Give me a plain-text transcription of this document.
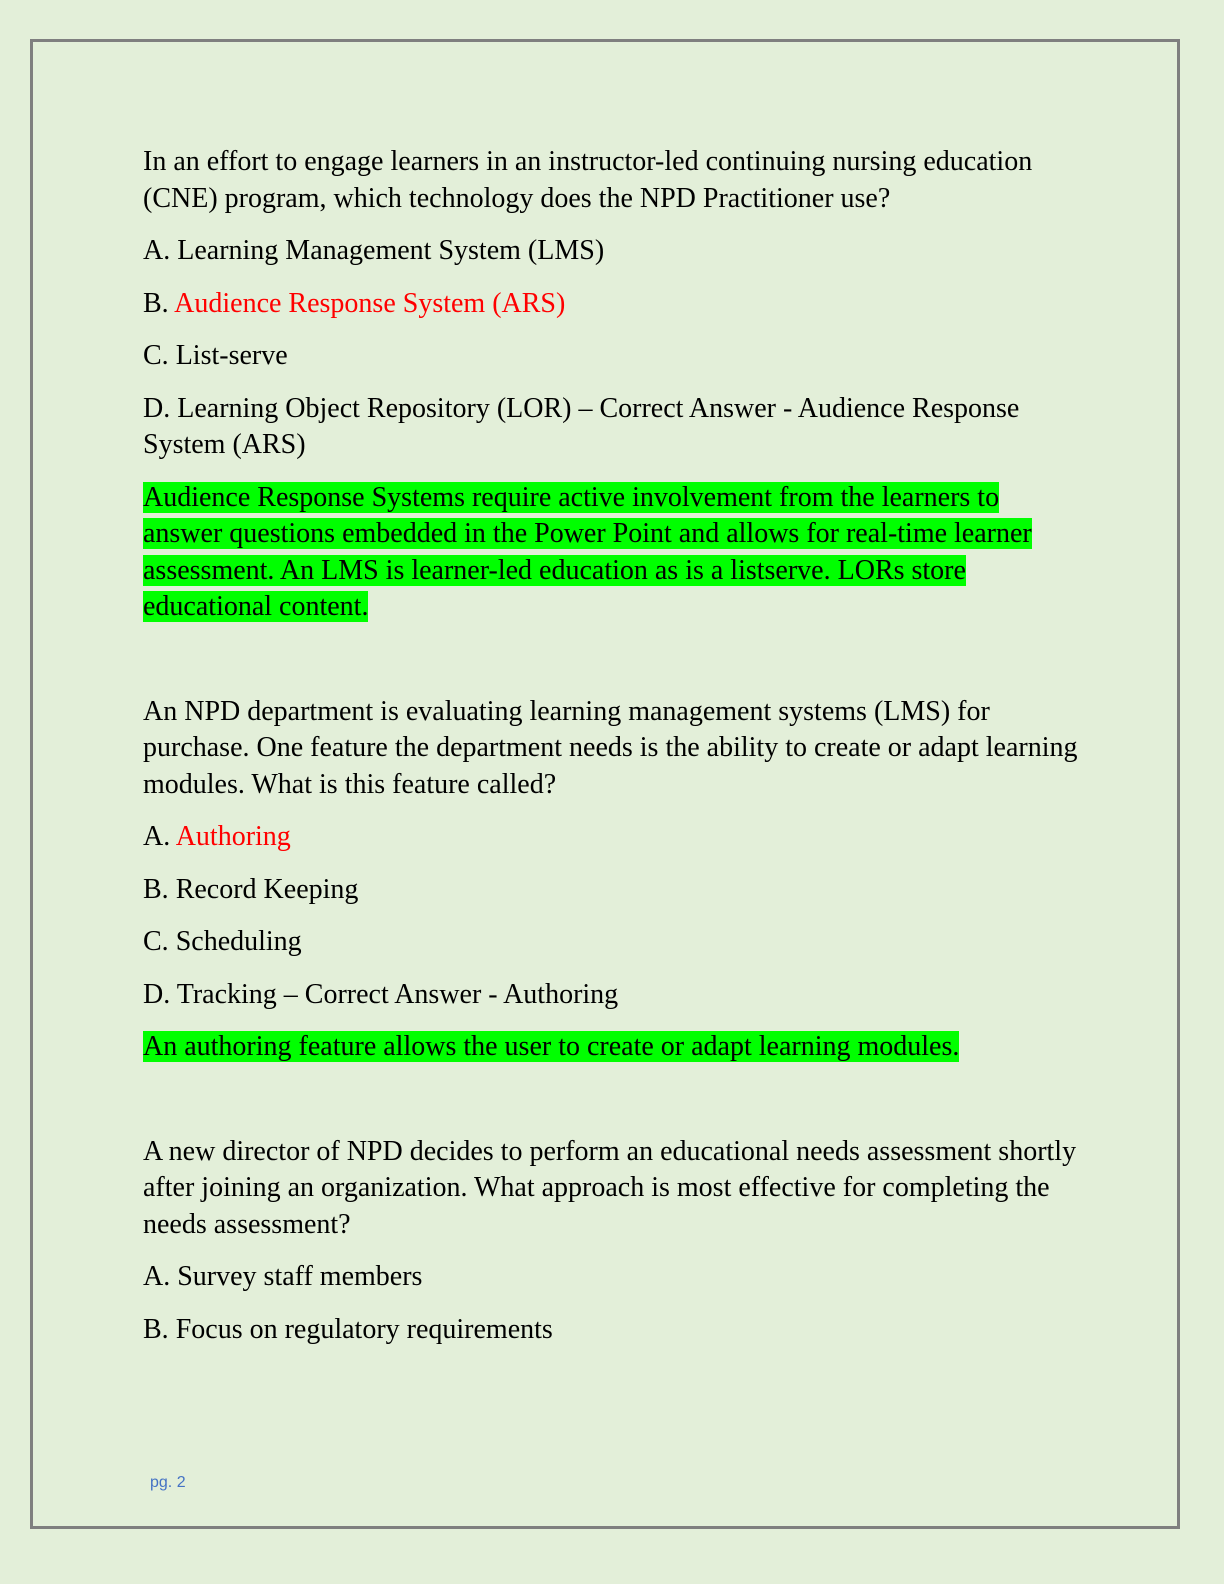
In an effort to engage learners in an instructor-led continuing nursing education (CNE) program, which technology does the NPD Practitioner use?

A. Learning Management System (LMS)

B. Audience Response System (ARS)

C. List-serve

D. Learning Object Repository (LOR) – Correct Answer - Audience Response System (ARS)

Audience Response Systems require active involvement from the learners to answer questions embedded in the Power Point and allows for real-time learner assessment. An LMS is learner-led education as is a listserve. LORs store educational content.

An NPD department is evaluating learning management systems (LMS) for purchase. One feature the department needs is the ability to create or adapt learning modules. What is this feature called?

A. Authoring

B. Record Keeping

C. Scheduling

D. Tracking – Correct Answer - Authoring

An authoring feature allows the user to create or adapt learning modules.

A new director of NPD decides to perform an educational needs assessment shortly after joining an organization. What approach is most effective for completing the needs assessment?

A. Survey staff members

B. Focus on regulatory requirements

pg. 2
